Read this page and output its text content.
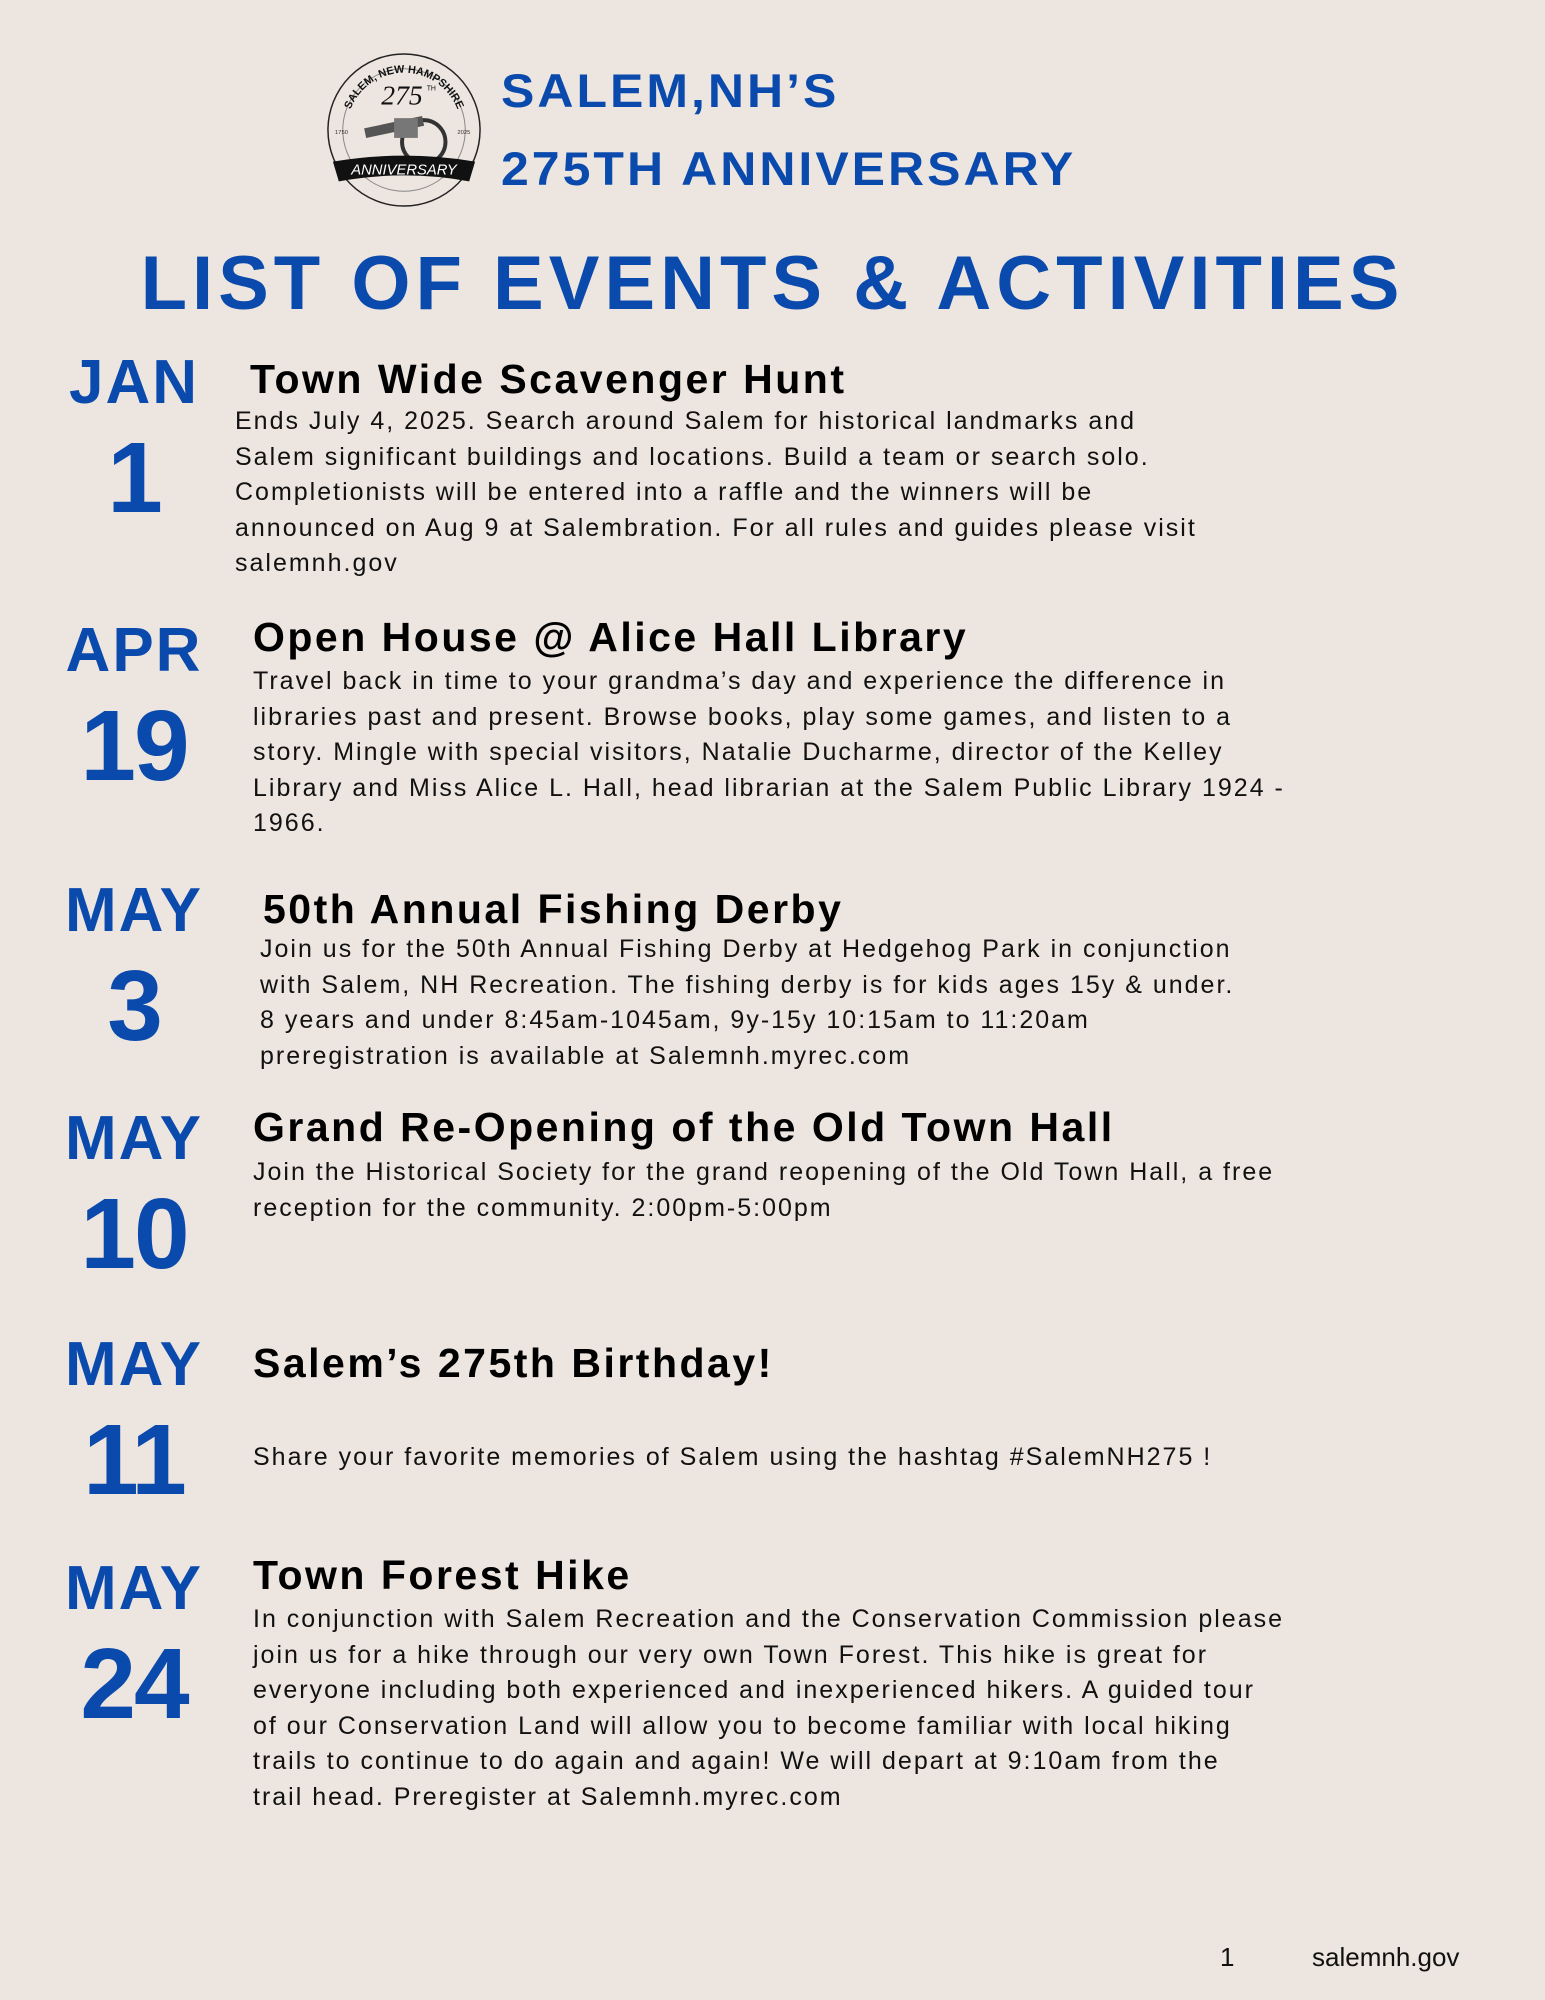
SALEM, NEW HAMPSHIRE
275 TH
1750	2025
ANNIVERSARY
SALEM,NH’S
275TH ANNIVERSARY
LIST OF EVENTS & ACTIVITIES
JAN
1
Town Wide Scavenger Hunt
Ends July 4, 2025. Search around Salem for historical landmarks and
Salem significant buildings and locations. Build a team or search solo.
Completionists will be entered into a raffle and the winners will be
announced on Aug 9 at Salembration. For all rules and guides please visit
salemnh.gov
APR
19
Open House @ Alice Hall Library
Travel back in time to your grandma’s day and experience the difference in
libraries past and present. Browse books, play some games, and listen to a
story. Mingle with special visitors, Natalie Ducharme, director of the Kelley
Library and Miss Alice L. Hall, head librarian at the Salem Public Library 1924 -
1966.
MAY
3
50th Annual Fishing Derby
Join us for the 50th Annual Fishing Derby at Hedgehog Park in conjunction
with Salem, NH Recreation. The fishing derby is for kids ages 15y & under.
8 years and under 8:45am-1045am, 9y-15y 10:15am to 11:20am
preregistration is available at Salemnh.myrec.com
MAY
10
Grand Re-Opening of the Old Town Hall
Join the Historical Society for the grand reopening of the Old Town Hall, a free
reception for the community. 2:00pm-5:00pm
MAY
11
Salem’s 275th Birthday!
Share your favorite memories of Salem using the hashtag #SalemNH275 !
MAY
24
Town Forest Hike
In conjunction with Salem Recreation and the Conservation Commission please
join us for a hike through our very own Town Forest. This hike is great for
everyone including both experienced and inexperienced hikers. A guided tour
of our Conservation Land will allow you to become familiar with local hiking
trails to continue to do again and again! We will depart at 9:10am from the
trail head. Preregister at Salemnh.myrec.com
1	salemnh.gov
